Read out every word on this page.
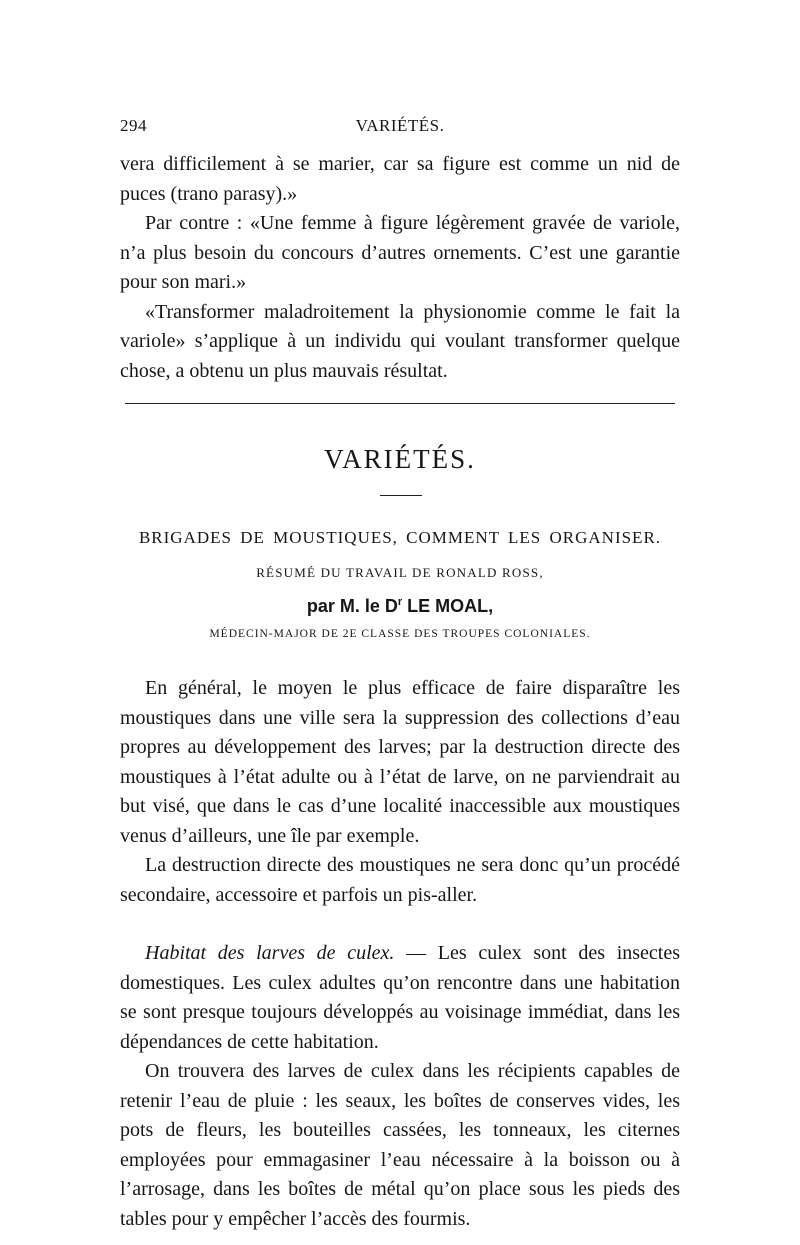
294	VARIÉTÉS.

vera difficilement à se marier, car sa figure est comme un nid de puces (trano parasy).»

Par contre : «Une femme à figure légèrement gravée de variole, n’a plus besoin du concours d’autres ornements. C’est une garantie pour son mari.»

«Transformer maladroitement la physionomie comme le fait la variole» s’applique à un individu qui voulant transformer quelque chose, a obtenu un plus mauvais résultat.

VARIÉTÉS.
BRIGADES DE MOUSTIQUES, COMMENT LES ORGANISER.
RÉSUMÉ DU TRAVAIL DE RONALD ROSS,
par M. le $D^r$ LE MOAL,
MÉDECIN-MAJOR DE 2E CLASSE DES TROUPES COLONIALES.

En général, le moyen le plus efficace de faire disparaître les moustiques dans une ville sera la suppression des collections d’eau propres au développement des larves; par la destruction directe des moustiques à l’état adulte ou à l’état de larve, on ne parviendrait au but visé, que dans le cas d’une localité inaccessible aux moustiques venus d’ailleurs, une île par exemple.

La destruction directe des moustiques ne sera donc qu’un procédé secondaire, accessoire et parfois un pis-aller.

Habitat des larves de culex. — Les culex sont des insectes domestiques. Les culex adultes qu’on rencontre dans une habitation se sont presque toujours développés au voisinage immédiat, dans les dépendances de cette habitation.

On trouvera des larves de culex dans les récipients capables de retenir l’eau de pluie : les seaux, les boîtes de conserves vides, les pots de fleurs, les bouteilles cassées, les tonneaux, les citernes employées pour emmagasiner l’eau nécessaire à la boisson ou à l’arrosage, dans les boîtes de métal qu’on place sous les pieds des tables pour y empêcher l’accès des fourmis.
